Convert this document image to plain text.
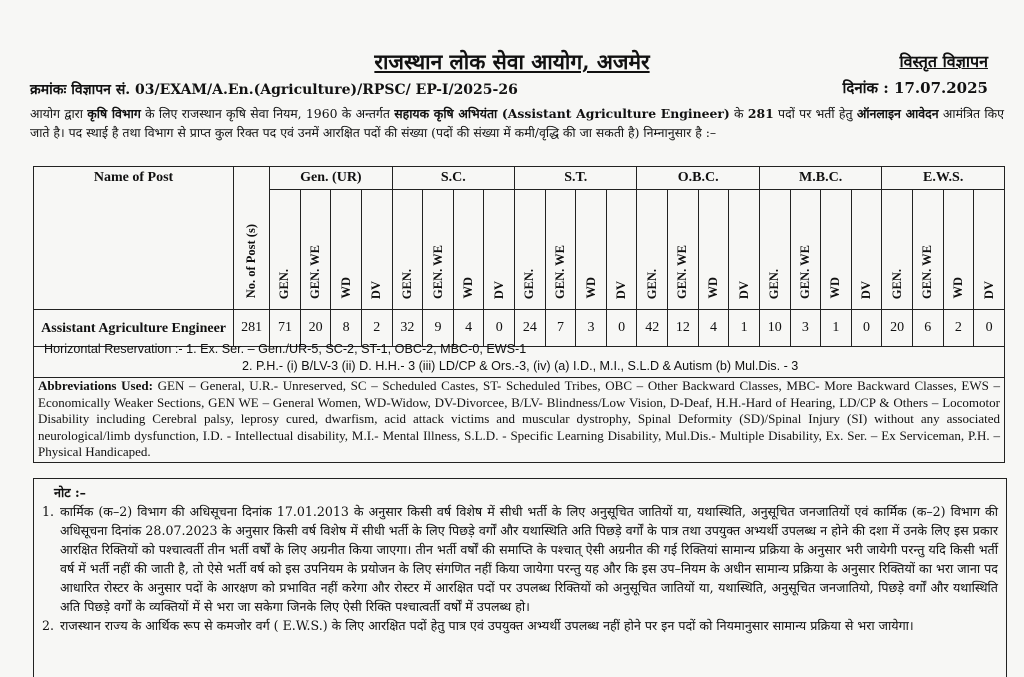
राजस्थान लोक सेवा आयोग, अजमेर	विस्तृत विज्ञापन
क्रमांकः विज्ञापन सं. 03/EXAM/A.En.(Agriculture)/RPSC/ EP-I/2025-26	दिनांक : 17.07.2025
आयोग द्वारा कृषि विभाग के लिए राजस्थान कृषि सेवा नियम, 1960 के अन्तर्गत सहायक कृषि अभियंता (Assistant Agriculture Engineer) के 281 पदों पर भर्ती हेतु ऑनलाइन आवेदन आमंत्रित किए जाते है। पद स्थाई है तथा विभाग से प्राप्त कुल रिक्त पद एवं उनमें आरक्षित पदों की संख्या (पदों की संख्या में कमी/वृद्धि की जा सकती है) निम्नानुसार है :–
Name of Post	No. of Post (s)	Gen. (UR)				S.C.				S.T.				O.B.C.				M.B.C.				E.W.S.			
		GEN.	GEN. WE	WD	DV	GEN.	GEN. WE	WD	DV	GEN.	GEN. WE	WD	DV	GEN.	GEN. WE	WD	DV	GEN.	GEN. WE	WD	DV	GEN.	GEN. WE	WD	DV
Assistant Agriculture Engineer	281	71	20	8	2	32	9	4	0	24	7	3	0	42	12	4	1	10	3	1	0	20	6	2	0
Horizontal Reservation :- 1. Ex. Ser. – Gen./UR-5, SC-2, ST-1, OBC-2, MBC-0, EWS-1
2. P.H.- (i) B/LV-3 (ii) D. H.H.- 3 (iii) LD/CP & Ors.-3, (iv) (a) I.D., M.I., S.L.D & Autism (b) Mul.Dis. - 3
Abbreviations Used: GEN – General, U.R.- Unreserved, SC – Scheduled Castes, ST- Scheduled Tribes, OBC – Other Backward Classes, MBC- More Backward Classes, EWS – Economically Weaker Sections, GEN WE – General Women, WD-Widow, DV-Divorcee, B/LV- Blindness/Low Vision, D-Deaf, H.H.-Hard of Hearing, LD/CP & Others – Locomotor Disability including Cerebral palsy, leprosy cured, dwarfism, acid attack victims and muscular dystrophy, Spinal Deformity (SD)/Spinal Injury (SI) without any associated neurological/limb dysfunction, I.D. - Intellectual disability, M.I.- Mental Illness, S.L.D. - Specific Learning Disability, Mul.Dis.- Multiple Disability, Ex. Ser. – Ex Serviceman, P.H. – Physical Handicaped.
नोट :–
1. कार्मिक (क–2) विभाग की अधिसूचना दिनांक 17.01.2013 के अनुसार किसी वर्ष विशेष में सीधी भर्ती के लिए अनुसूचित जातियों या, यथास्थिति, अनुसूचित जनजातियों एवं कार्मिक (क–2) विभाग की अधिसूचना दिनांक 28.07.2023 के अनुसार किसी वर्ष विशेष में सीधी भर्ती के लिए पिछड़े वर्गों और यथास्थिति अति पिछड़े वर्गों के पात्र तथा उपयुक्त अभ्यर्थी उपलब्ध न होने की दशा में उनके लिए इस प्रकार आरक्षित रिक्तियों को पश्चात्वर्ती तीन भर्ती वर्षों के लिए अग्रनीत किया जाएगा। तीन भर्ती वर्षों की समाप्ति के पश्चात् ऐसी अग्रनीत की गई रिक्तियां सामान्य प्रक्रिया के अनुसार भरी जायेगी परन्तु यदि किसी भर्ती वर्ष में भर्ती नहीं की जाती है, तो ऐसे भर्ती वर्ष को इस उपनियम के प्रयोजन के लिए संगणित नहीं किया जायेगा परन्तु यह और कि इस उप–नियम के अधीन सामान्य प्रक्रिया के अनुसार रिक्तियों का भरा जाना पद आधारित रोस्टर के अनुसार पदों के आरक्षण को प्रभावित नहीं करेगा और रोस्टर में आरक्षित पदों पर उपलब्ध रिक्तियों को अनुसूचित जातियों या, यथास्थिति, अनुसूचित जनजातियो, पिछड़े वर्गों और यथास्थिति अति पिछड़े वर्गों के व्यक्तियों में से भरा जा सकेगा जिनके लिए ऐसी रिक्ति पश्चात्वर्ती वर्षों में उपलब्ध हो।
2. राजस्थान राज्य के आर्थिक रूप से कमजोर वर्ग ( E.W.S.) के लिए आरक्षित पदों हेतु पात्र एवं उपयुक्त अभ्यर्थी उपलब्ध नहीं होने पर इन पदों को नियमानुसार सामान्य प्रक्रिया से भरा जायेगा।
